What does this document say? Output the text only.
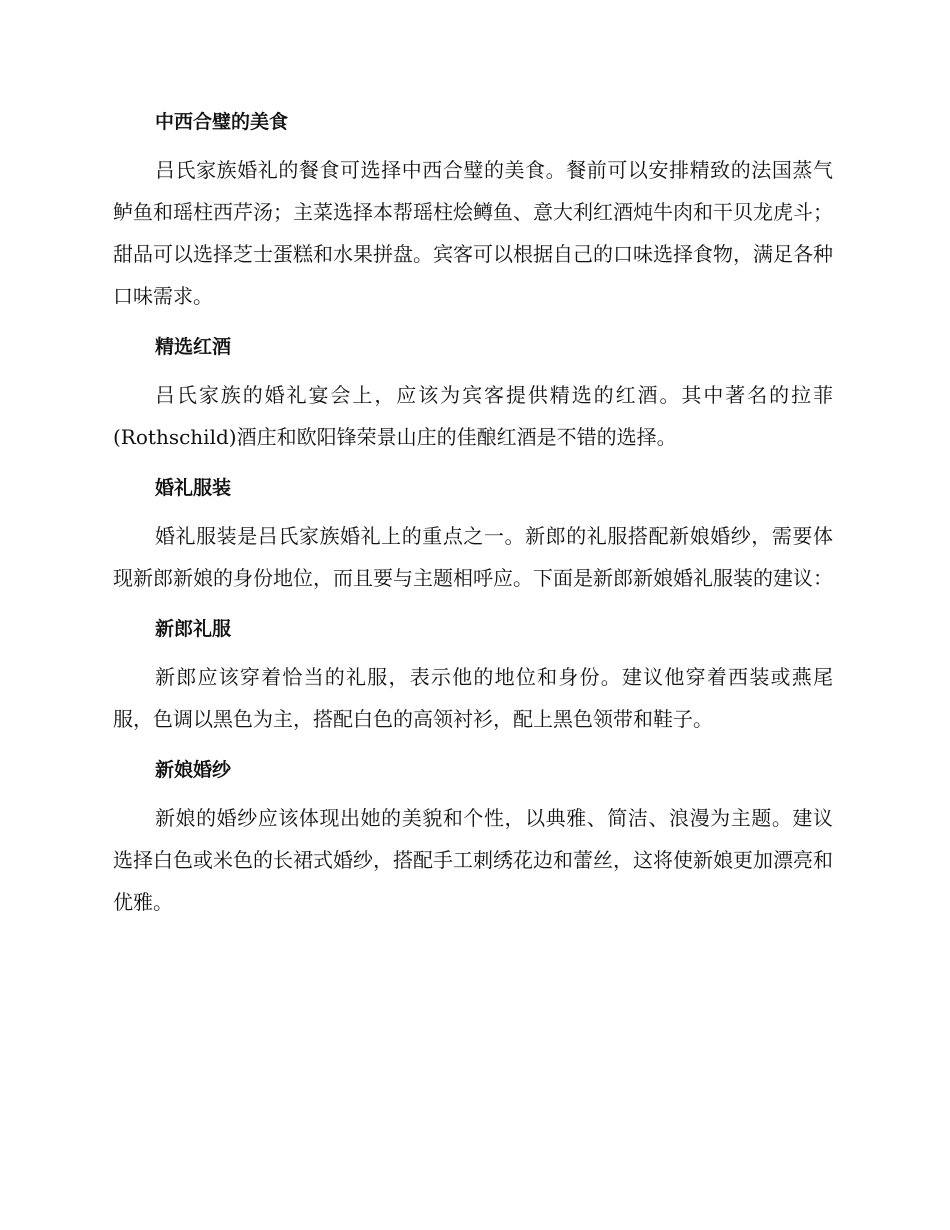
中西合璧的美食

吕氏家族婚礼的餐食可选择中西合璧的美食。餐前可以安排精致的法国蒸气鲈鱼和瑶柱西芹汤；主菜选择本帮瑶柱烩鳟鱼、意大利红酒炖牛肉和干贝龙虎斗；甜品可以选择芝士蛋糕和水果拼盘。宾客可以根据自己的口味选择食物，满足各种口味需求。

精选红酒

吕氏家族的婚礼宴会上，应该为宾客提供精选的红酒。其中著名的拉菲(Rothschild)酒庄和欧阳锋荣景山庄的佳酿红酒是不错的选择。

婚礼服装

婚礼服装是吕氏家族婚礼上的重点之一。新郎的礼服搭配新娘婚纱，需要体现新郎新娘的身份地位，而且要与主题相呼应。下面是新郎新娘婚礼服装的建议：

新郎礼服

新郎应该穿着恰当的礼服，表示他的地位和身份。建议他穿着西装或燕尾服，色调以黑色为主，搭配白色的高领衬衫，配上黑色领带和鞋子。

新娘婚纱

新娘的婚纱应该体现出她的美貌和个性，以典雅、简洁、浪漫为主题。建议选择白色或米色的长裙式婚纱，搭配手工刺绣花边和蕾丝，这将使新娘更加漂亮和优雅。
